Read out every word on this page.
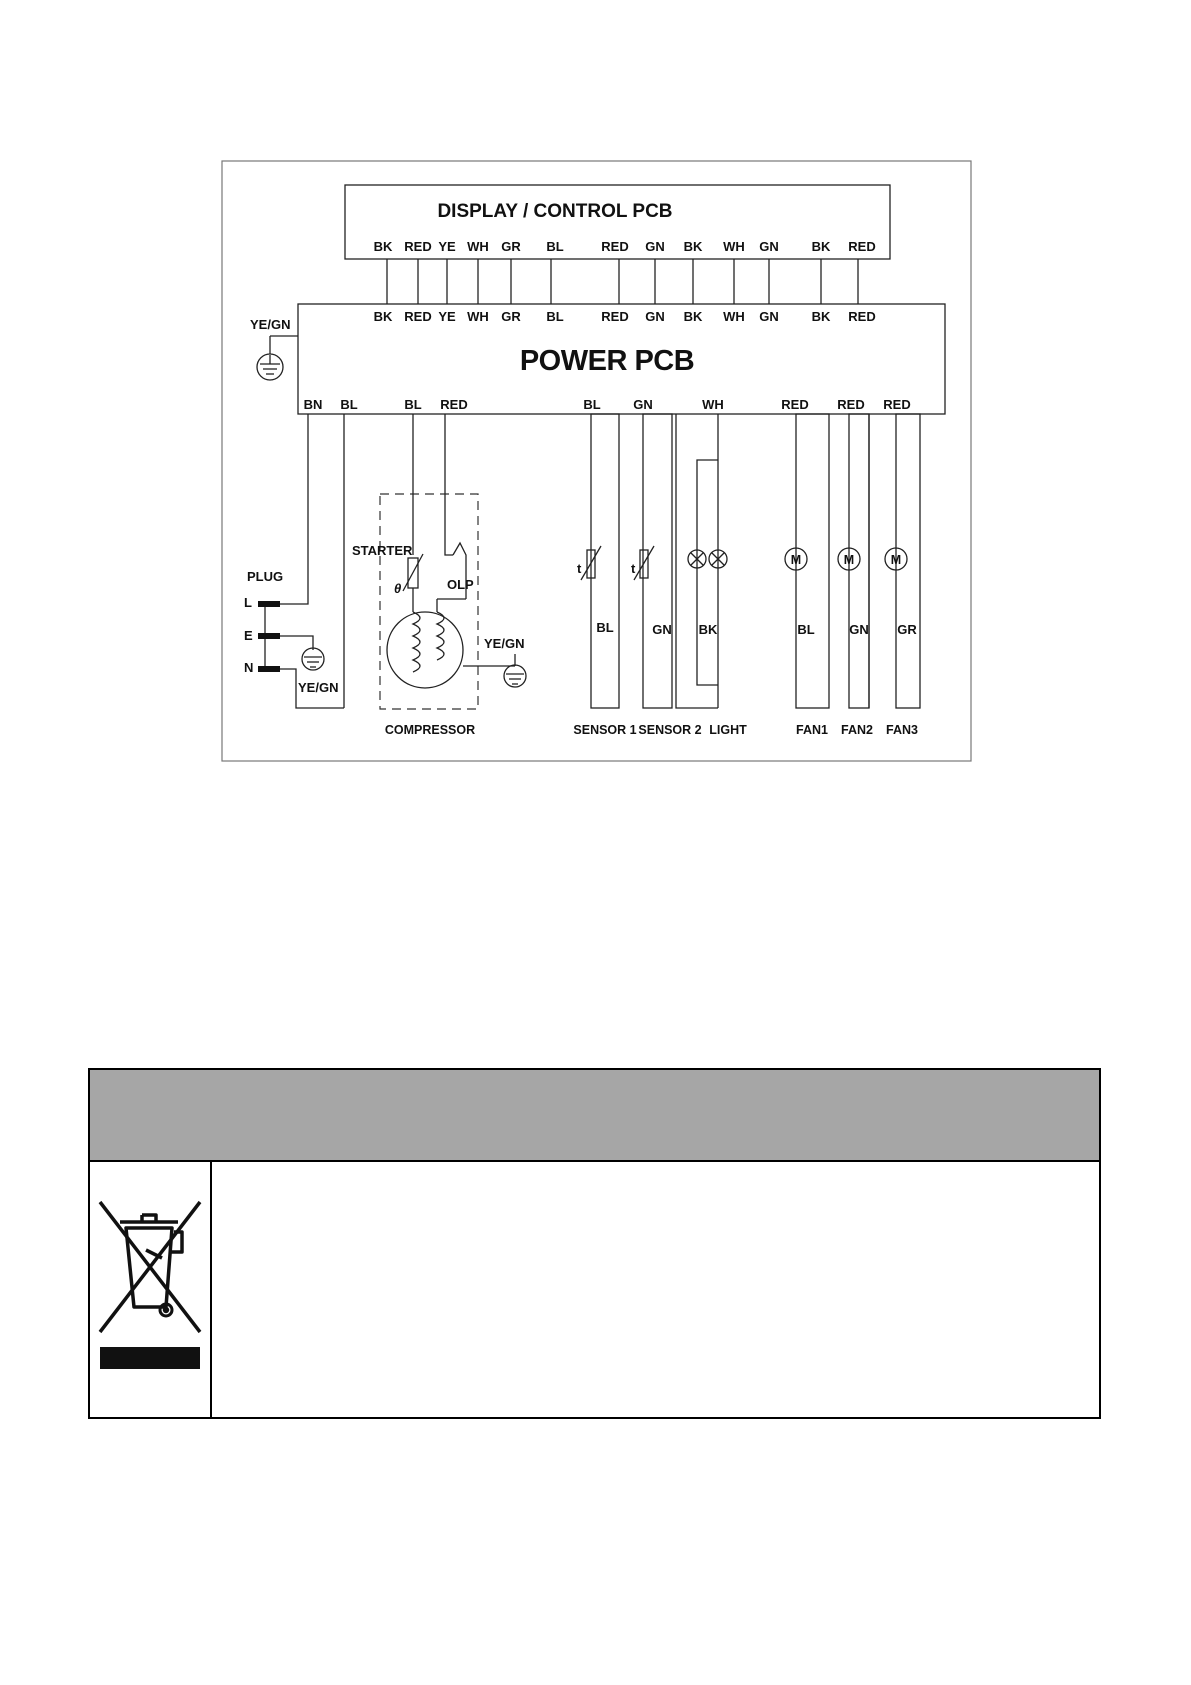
DISPLAY / CONTROL PCB
BK RED YE WH GR BL	RED GN BK WH GN	BK RED
POWER PCB
BK RED YE WH GR BL	RED GN BK WH GN	BK RED
BN BL	BL RED	BL	GN	WH	RED RED RED
YE/GN
PLUG
L
E
N
YE/GN
STARTER
OLP
θ
YE/GN
COMPRESSOR
t	t
M	M	M
BL	GN BK	BL	GN GR
SENSOR 1 SENSOR 2 LIGHT	FAN1 FAN2 FAN3
